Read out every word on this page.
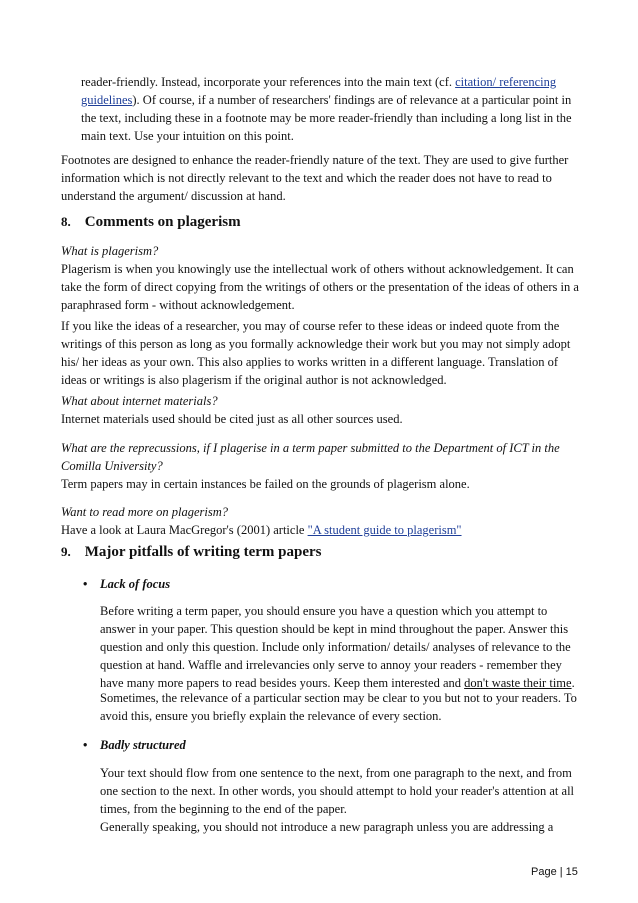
reader-friendly. Instead, incorporate your references into the main text (cf. citation/ referencing guidelines). Of course, if a number of researchers' findings are of relevance at a particular point in the text, including these in a footnote may be more reader-friendly than including a long list in the main text. Use your intuition on this point.

Footnotes are designed to enhance the reader-friendly nature of the text. They are used to give further information which is not directly relevant to the text and which the reader does not have to read to understand the argument/ discussion at hand.

8. Comments on plagerism

What is plagerism?

Plagerism is when you knowingly use the intellectual work of others without acknowledgement. It can take the form of direct copying from the writings of others or the presentation of the ideas of others in a paraphrased form - without acknowledgement.

If you like the ideas of a researcher, you may of course refer to these ideas or indeed quote from the writings of this person as long as you formally acknowledge their work but you may not simply adopt his/ her ideas as your own. This also applies to works written in a different language. Translation of ideas or writings is also plagerism if the original author is not acknowledged.

What about internet materials?

Internet materials used should be cited just as all other sources used.

What are the reprecussions, if I plagerise in a term paper submitted to the Department of ICT in the Comilla University?

Term papers may in certain instances be failed on the grounds of plagerism alone.

Want to read more on plagerism?

Have a look at Laura MacGregor's (2001) article "A student guide to plagerism"

9. Major pitfalls of writing term papers
• Lack of focus

Before writing a term paper, you should ensure you have a question which you attempt to answer in your paper. This question should be kept in mind throughout the paper. Answer this question and only this question. Include only information/ details/ analyses of relevance to the question at hand. Waffle and irrelevancies only serve to annoy your readers - remember they have many more papers to read besides yours. Keep them interested and don't waste their time.

Sometimes, the relevance of a particular section may be clear to you but not to your readers. To avoid this, ensure you briefly explain the relevance of every section.

• Badly structured

Your text should flow from one sentence to the next, from one paragraph to the next, and from one section to the next. In other words, you should attempt to hold your reader's attention at all times, from the beginning to the end of the paper.

Generally speaking, you should not introduce a new paragraph unless you are addressing a

Page | 15
